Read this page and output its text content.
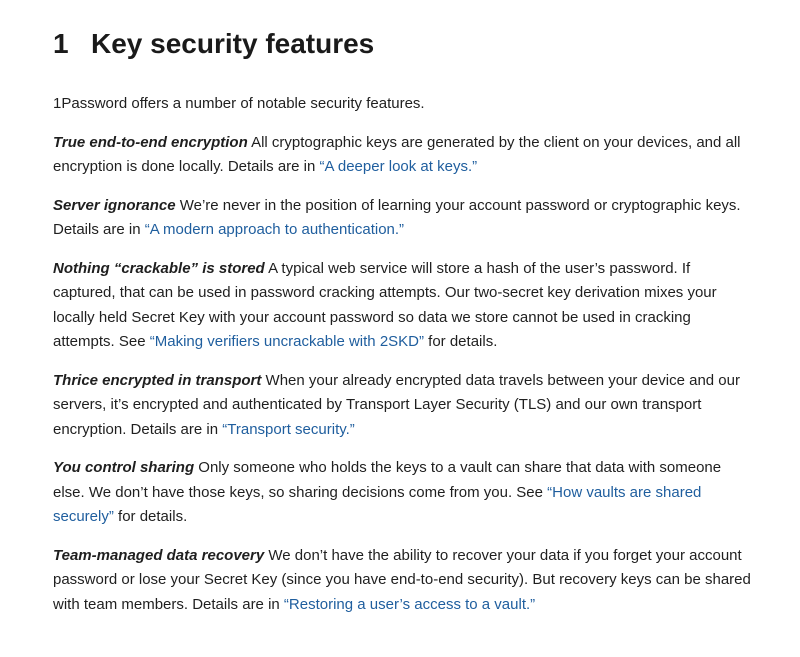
1 Key security features

1Password offers a number of notable security features.

True end-to-end encryption All cryptographic keys are generated by the client on your devices, and all encryption is done locally. Details are in “A deeper look at keys.”

Server ignorance We’re never in the position of learning your account password or cryptographic keys. Details are in “A modern approach to authentication.”

Nothing “crackable” is stored A typical web service will store a hash of the user’s password. If captured, that can be used in password cracking attempts. Our two-secret key derivation mixes your locally held Secret Key with your account password so data we store cannot be used in cracking attempts. See “Making verifiers uncrackable with 2SKD” for details.

Thrice encrypted in transport When your already encrypted data travels between your device and our servers, it’s encrypted and authenticated by Transport Layer Security (TLS) and our own transport encryption. Details are in “Transport security.”

You control sharing Only someone who holds the keys to a vault can share that data with someone else. We don’t have those keys, so sharing decisions come from you. See “How vaults are shared securely” for details.

Team-managed data recovery We don’t have the ability to recover your data if you forget your account password or lose your Secret Key (since you have end-to-end security). But recovery keys can be shared with team members. Details are in “Restoring a user’s access to a vault.”
